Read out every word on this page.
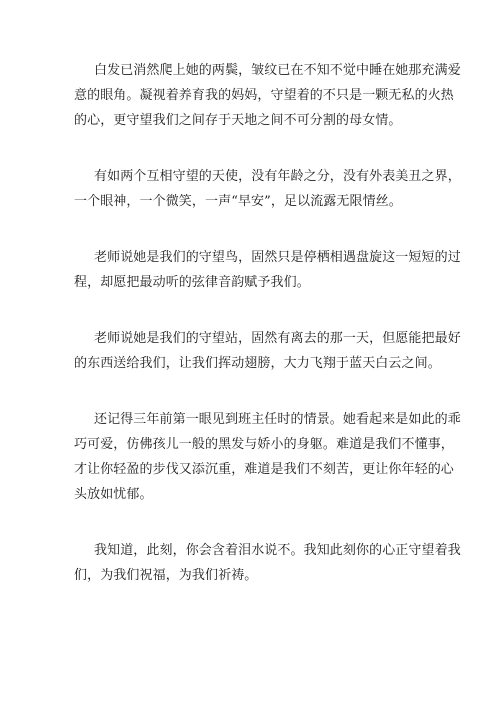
白发已消然爬上她的两鬓，皱纹已在不知不觉中睡在她那充满爱
意的眼角。凝视着养育我的妈妈，守望着的不只是一颗无私的火热
的心，更守望我们之间存于天地之间不可分割的母女情。

有如两个互相守望的天使，没有年龄之分，没有外表美丑之界，
一个眼神，一个微笑，一声“早安”，足以流露无限情丝。

老师说她是我们的守望鸟，固然只是停栖相遇盘旋这一短短的过
程，却愿把最动听的弦律音韵赋予我们。

老师说她是我们的守望站，固然有离去的那一天，但愿能把最好
的东西送给我们，让我们挥动翅膀，大力飞翔于蓝天白云之间。

还记得三年前第一眼见到班主任时的情景。她看起来是如此的乖
巧可爱，仿佛孩儿一般的黑发与娇小的身躯。难道是我们不懂事，
才让你轻盈的步伐又添沉重，难道是我们不刻苦，更让你年轻的心
头放如忧郁。

我知道，此刻，你会含着泪水说不。我知此刻你的心正守望着我
们，为我们祝福，为我们祈祷。
